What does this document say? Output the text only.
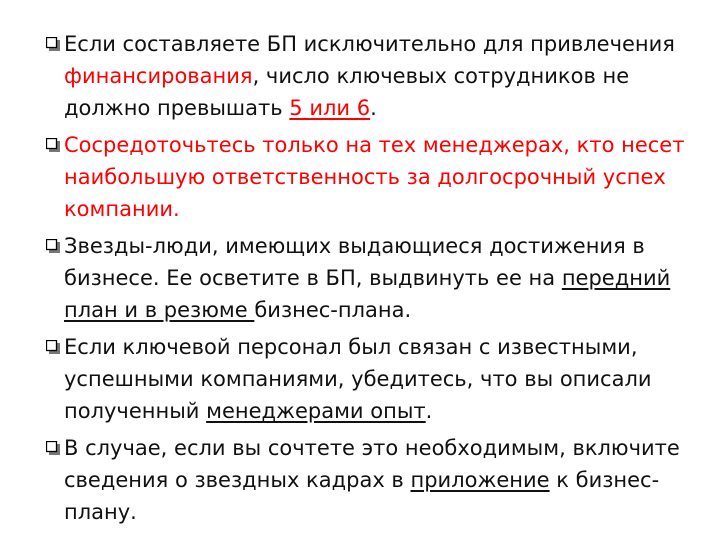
Если составляете БП исключительно для привлечения финансирования, число ключевых сотрудников не должно превышать 5 или 6.
Сосредоточьтесь только на тех менеджерах, кто несет наибольшую ответственность за долгосрочный успех компании.
Звезды-люди, имеющих выдающиеся достижения в бизнесе. Ее осветите в БП, выдвинуть ее на передний план и в резюме бизнес-плана.
Если ключевой персонал был связан с известными, успешными компаниями, убедитесь, что вы описали полученный менеджерами опыт.
В случае, если вы сочтете это необходимым, включите сведения о звездных кадрах в приложение к бизнес-плану.
